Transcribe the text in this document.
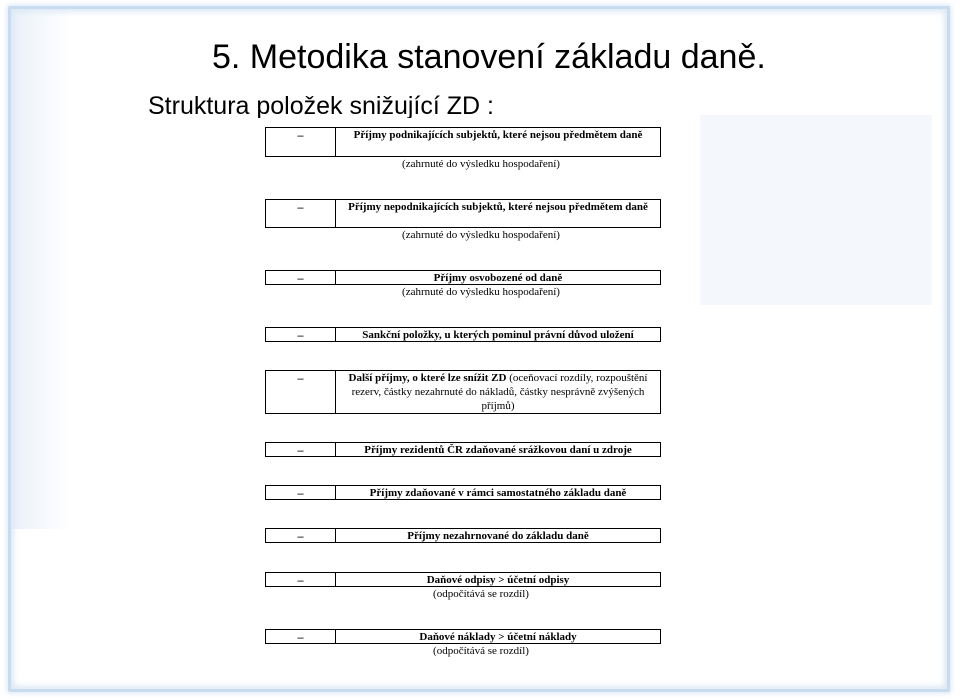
5. Metodika stanovení základu daně.
Struktura položek snižující ZD :
–	Příjmy podnikajících subjektů, které nejsou předmětem daně
(zahrnuté do výsledku hospodaření)
–	Příjmy nepodnikajících subjektů, které nejsou předmětem daně
(zahrnuté do výsledku hospodaření)
–	Příjmy osvobozené od daně
(zahrnuté do výsledku hospodaření)
–	Sankční položky, u kterých pominul právní důvod uložení
–	Další příjmy, o které lze snížit ZD (oceňovací rozdíly, rozpouštění rezerv, částky nezahrnuté do nákladů, částky nesprávně zvýšených příjmů)
–	Příjmy rezidentů ČR zdaňované srážkovou daní u zdroje
–	Příjmy zdaňované v rámci samostatného základu daně
–	Příjmy nezahrnované do základu daně
–	Daňové odpisy > účetní odpisy
(odpočítává se rozdíl)
–	Daňové náklady > účetní náklady
(odpočítává se rozdíl)
